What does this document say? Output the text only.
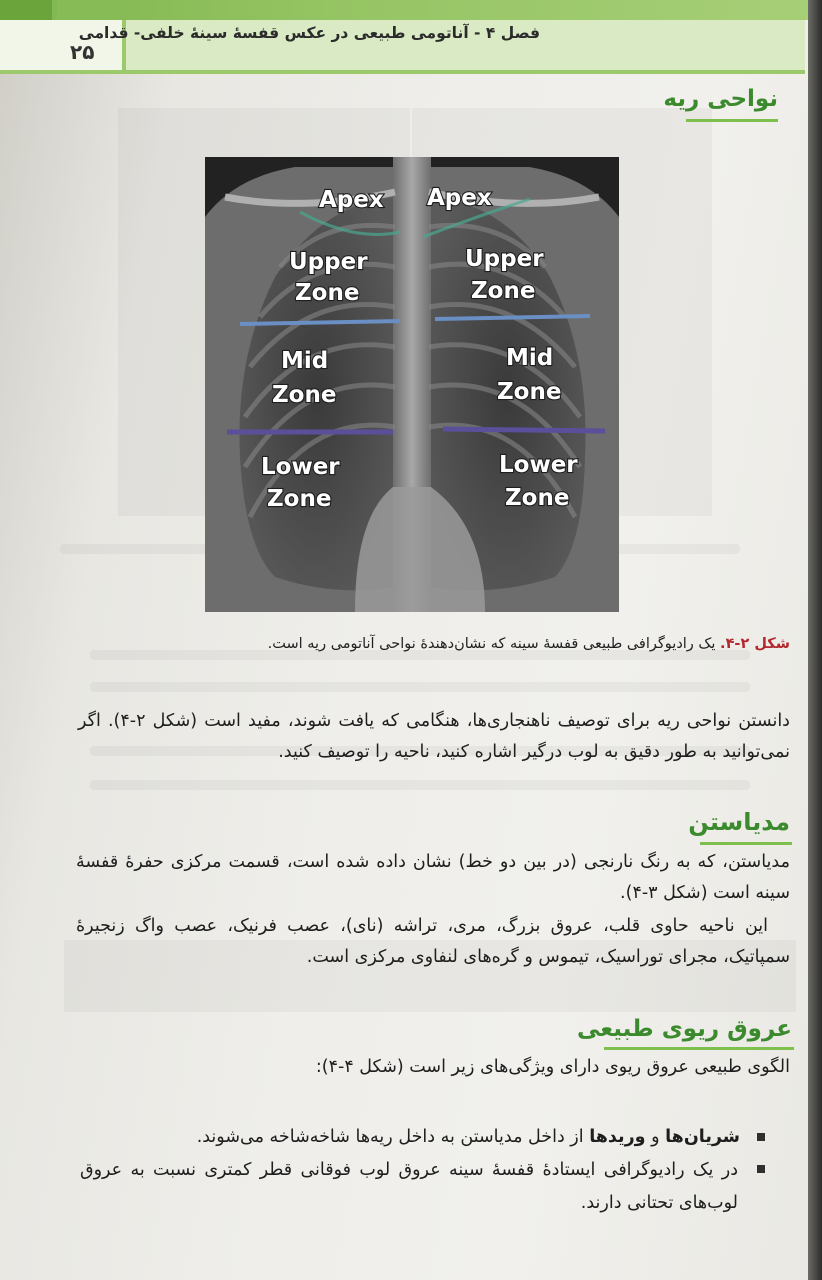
۲۵
فصل ۴ - آناتومی طبیعی در عکس قفسهٔ سینهٔ خلفی- قدامی
نواحی ریه
Apex Apex
Upper
Zone
Upper
Zone
Mid
Zone
Mid
Zone
Lower
Zone
Lower
Zone
شکل ۲-۴. یک رادیوگرافی طبیعی قفسهٔ سینه که نشان‌دهندهٔ نواحی آناتومی ریه است.
دانستن نواحی ریه برای توصیف ناهنجاری‌ها، هنگامی که یافت شوند، مفید است (شکل ۲-۴). اگر نمی‌توانید به طور دقیق به لوب درگیر اشاره کنید، ناحیه را توصیف کنید.
مدیاستن
مدیاستن، که به رنگ نارنجی (در بین دو خط) نشان داده شده است، قسمت مرکزی حفرهٔ قفسهٔ سینه است (شکل ۳-۴).
این ناحیه حاوی قلب، عروق بزرگ، مری، تراشه (نای)، عصب فرنیک، عصب واگ زنجیرهٔ سمپاتیک، مجرای توراسیک، تیموس و گره‌های لنفاوی مرکزی است.
عروق ریوی طبیعی
الگوی طبیعی عروق ریوی دارای ویژگی‌های زیر است (شکل ۴-۴):
شریان‌ها و وریدها از داخل مدیاستن به داخل ریه‌ها شاخه‌شاخه می‌شوند.
در یک رادیوگرافی ایستادهٔ قفسهٔ سینه عروق لوب فوقانی قطر کمتری نسبت به عروق لوب‌های تحتانی دارند.
